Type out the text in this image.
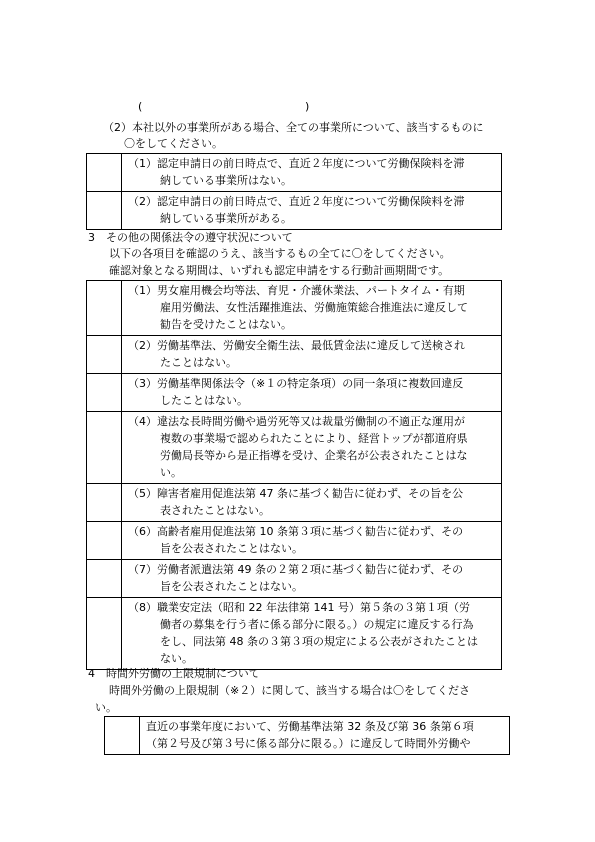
(	)
（2）本社以外の事業所がある場合、全ての事業所について、該当するものに
〇をしてください。

	（1）認定申請日の前日時点で、直近２年度について労働保険料を滞
納している事業所はない。

	（2）認定申請日の前日時点で、直近２年度について労働保険料を滞
納している事業所がある。
3　その他の関係法令の遵守状況について
以下の各項目を確認のうえ、該当するもの全てに〇をしてください。
確認対象となる期間は、いずれも認定申請をする行動計画期間です。

	（1）男女雇用機会均等法、育児・介護休業法、パートタイム・有期
雇用労働法、女性活躍推進法、労働施策総合推進法に違反して
勧告を受けたことはない。

	（2）労働基準法、労働安全衛生法、最低賃金法に違反して送検され
たことはない。

	（3）労働基準関係法令（※１の特定条項）の同一条項に複数回違反
したことはない。

	（4）違法な長時間労働や過労死等又は裁量労働制の不適正な運用が
複数の事業場で認められたことにより、経営トップが都道府県
労働局長等から是正指導を受け、企業名が公表されたことはな
い。

	（5）障害者雇用促進法第 47 条に基づく勧告に従わず、その旨を公
表されたことはない。

	（6）高齢者雇用促進法第 10 条第３項に基づく勧告に従わず、その
旨を公表されたことはない。

	（7）労働者派遣法第 49 条の２第２項に基づく勧告に従わず、その
旨を公表されたことはない。

	（8）職業安定法（昭和 22 年法律第 141 号）第５条の３第１項（労
働者の募集を行う者に係る部分に限る。）の規定に違反する行為
をし、同法第 48 条の３第３項の規定による公表がされたことは
ない。
4　時間外労働の上限規制について
時間外労働の上限規制（※２）に関して、該当する場合は〇をしてくださ
い。

直近の事業年度において、労働基準法第 32 条及び第 36 条第６項
（第２号及び第３号に係る部分に限る。）に違反して時間外労働や
